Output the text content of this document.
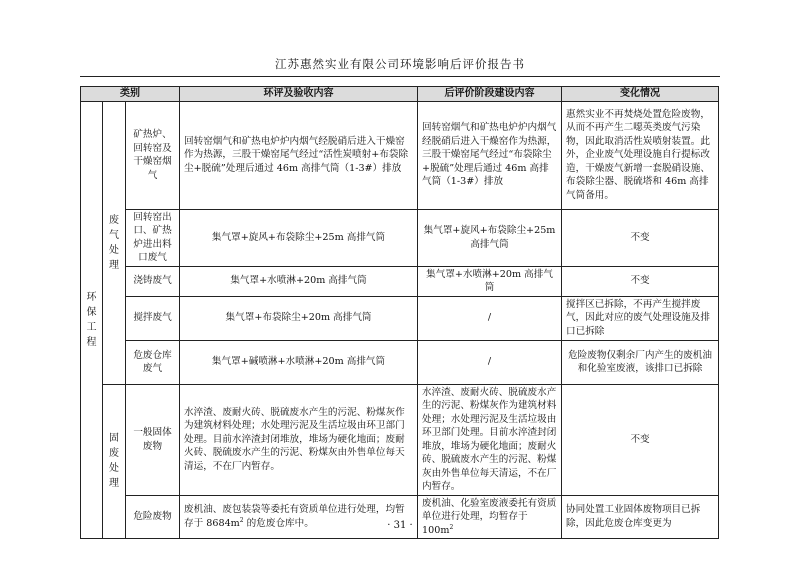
江苏惠然实业有限公司环境影响后评价报告书
类别			环评及验收内容	后评价阶段建设内容	变化情况
环保工程	废气处理	矿热炉、回转窑及干燥窑烟气	回转窑烟气和矿热电炉炉内烟气经脱硝后进入干燥窑作为热源，三股干燥窑尾气经过“活性炭喷射+布袋除尘+脱硫”处理后通过 46m 高排气筒（1-3#）排放	回转窑烟气和矿热电炉炉内烟气经脱硝后进入干燥窑作为热源，三股干燥窑尾气经过“布袋除尘+脱硫”处理后通过 46m 高排气筒（1-3#）排放	惠然实业不再焚烧处置危险废物，从而不再产生二噁英类废气污染物，因此取消活性炭喷射装置。此外，企业废气处理设施自行提标改造，干燥废气新增一套脱硝设施、布袋除尘器、脱硫塔和 46m 高排气筒备用。
		回转窑出口、矿热炉进出料口废气	集气罩+旋风+布袋除尘+25m 高排气筒	集气罩+旋风+布袋除尘+25m 高排气筒	不变
		浇铸废气	集气罩+水喷淋+20m 高排气筒	集气罩+水喷淋+20m 高排气筒	不变
		搅拌废气	集气罩+布袋除尘+20m 高排气筒	/	搅拌区已拆除，不再产生搅拌废气，因此对应的废气处理设施及排口已拆除
		危废仓库废气	集气罩+碱喷淋+水喷淋+20m 高排气筒	/	危险废物仅剩余厂内产生的废机油和化验室废液，该排口已拆除
	固废处理	一般固体废物	水淬渣、废耐火砖、脱硫废水产生的污泥、粉煤灰作为建筑材料处理；水处理污泥及生活垃圾由环卫部门处理。目前水淬渣封闭堆放，堆场为硬化地面；废耐火砖、脱硫废水产生的污泥、粉煤灰由外售单位每天清运，不在厂内暂存。	水淬渣、废耐火砖、脱硫废水产生的污泥、粉煤灰作为建筑材料处理；水处理污泥及生活垃圾由环卫部门处理。目前水淬渣封闭堆放，堆场为硬化地面；废耐火砖、脱硫废水产生的污泥、粉煤灰由外售单位每天清运，不在厂内暂存。	不变
		危险废物	废机油、废包装袋等委托有资质单位进行处理，均暂存于 $8684m^2$ 的危废仓库中。	废机油、化验室废液委托有资质单位进行处理，均暂存于 $100m^2$	协同处置工业固体废物项目已拆除，因此危废仓库变更为
· 31 ·
